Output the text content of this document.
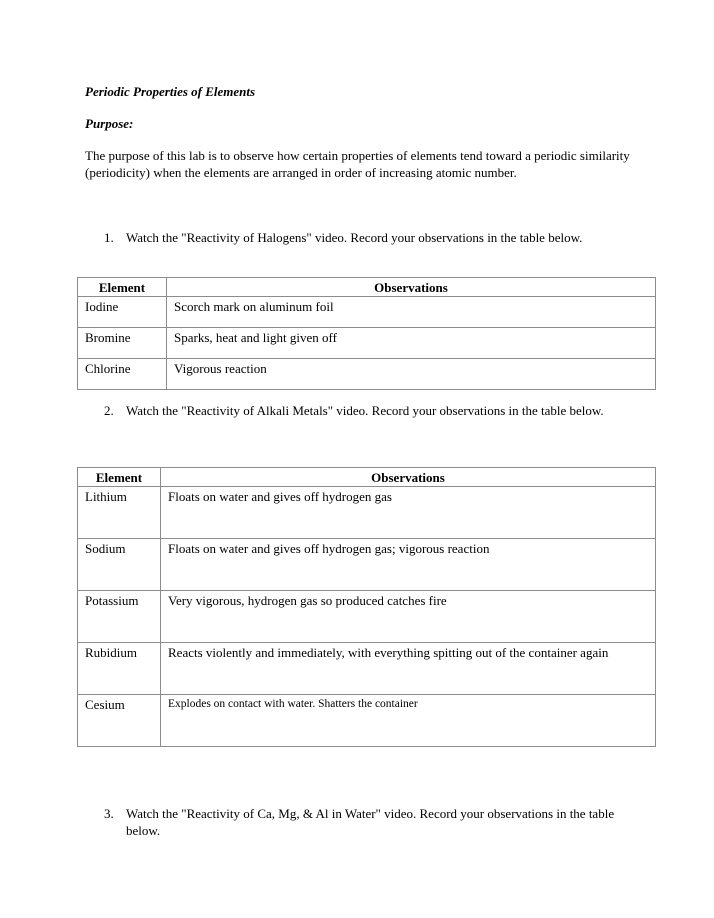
Periodic Properties of Elements
Purpose:
The purpose of this lab is to observe how certain properties of elements tend toward a periodic similarity (periodicity) when the elements are arranged in order of increasing atomic number.
1. Watch the "Reactivity of Halogens" video. Record your observations in the table below.
Element	Observations
Iodine	Scorch mark on aluminum foil
Bromine	Sparks, heat and light given off
Chlorine	Vigorous reaction
2. Watch the "Reactivity of Alkali Metals" video. Record your observations in the table below.
Element	Observations
Lithium	Floats on water and gives off hydrogen gas
Sodium	Floats on water and gives off hydrogen gas; vigorous reaction
Potassium	Very vigorous, hydrogen gas so produced catches fire
Rubidium	Reacts violently and immediately, with everything spitting out of the container again
Cesium	Explodes on contact with water. Shatters the container
3. Watch the "Reactivity of Ca, Mg, & Al in Water" video. Record your observations in the table below.
